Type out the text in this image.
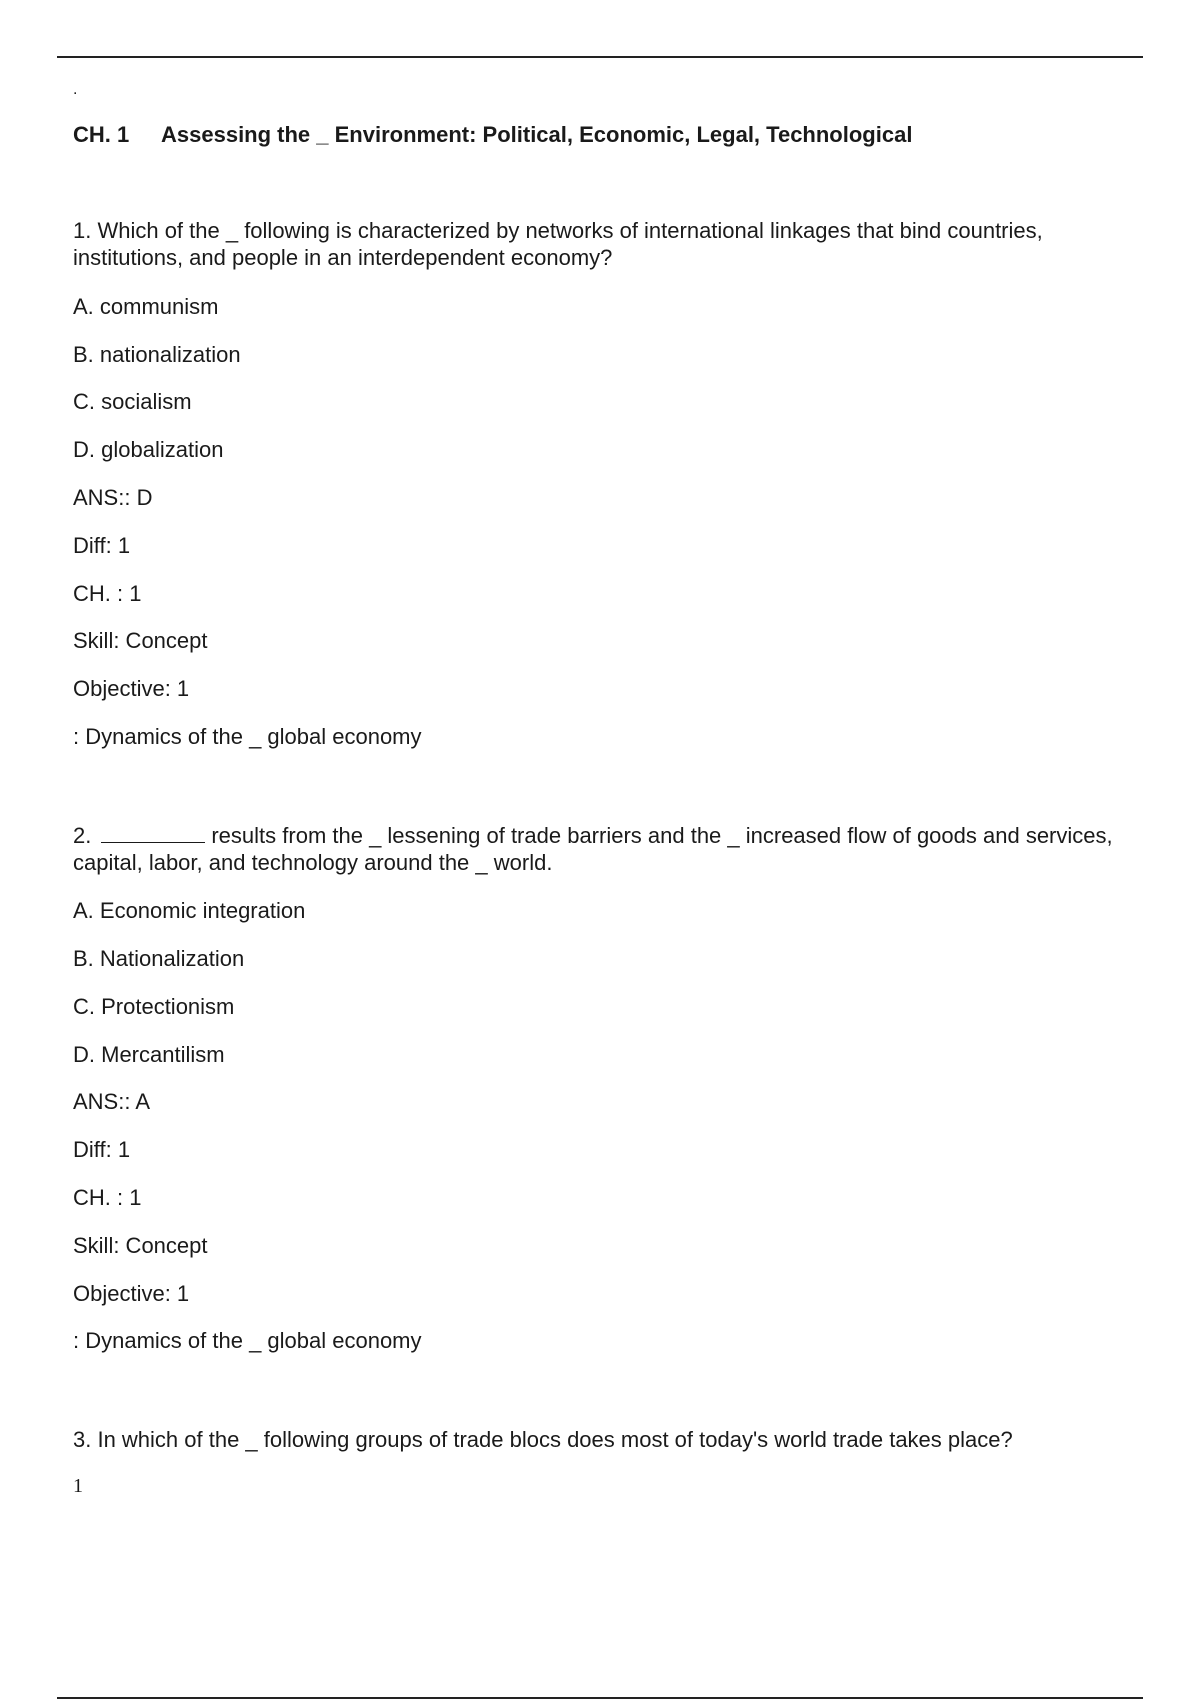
.
CH. 1 Assessing the _ Environment: Political, Economic, Legal, Technological

1. Which of the _ following is characterized by networks of international linkages that bind countries, institutions, and people in an interdependent economy?

A. communism
B. nationalization
C. socialism
D. globalization
ANS:: D
Diff: 1
CH. : 1
Skill: Concept
Objective: 1
: Dynamics of the _ global economy

2.	results from the _ lessening of trade barriers and the _ increased flow of goods and services, capital, labor, and technology around the _ world.

A. Economic integration
B. Nationalization
C. Protectionism
D. Mercantilism
ANS:: A
Diff: 1
CH. : 1
Skill: Concept
Objective: 1
: Dynamics of the _ global economy

3. In which of the _ following groups of trade blocs does most of today's world trade takes place?

1
